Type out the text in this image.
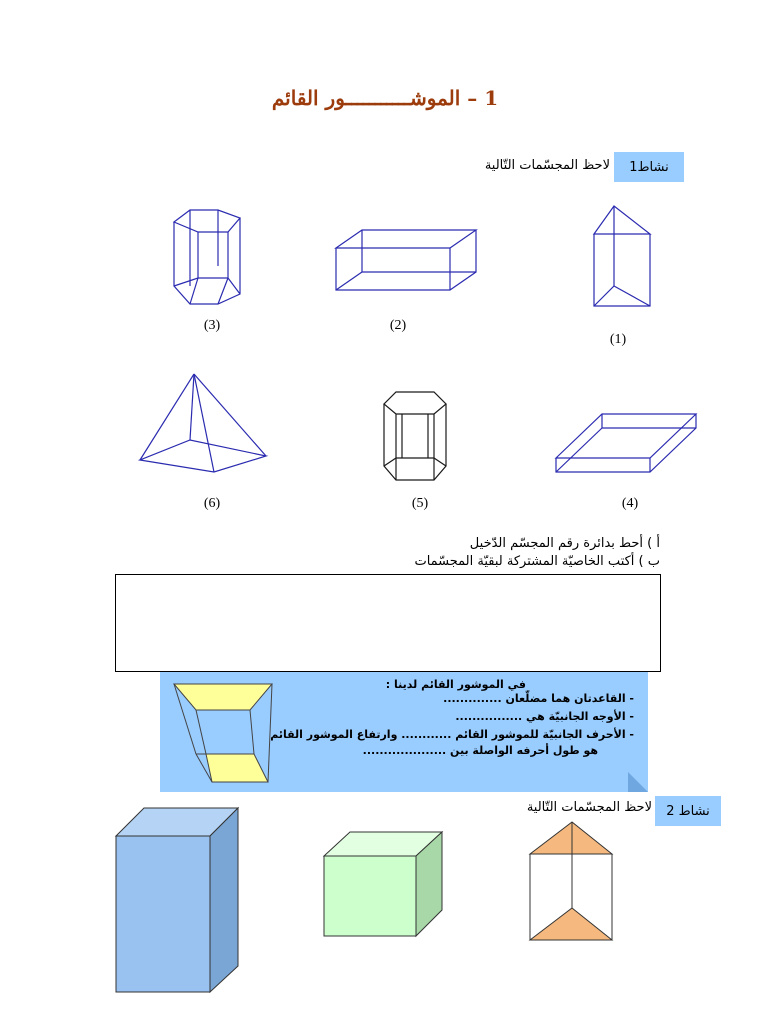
1 – الموشـــــــــــور القائم
نشاط1
لاحظ المجسّمات التّالية
(3)	(2)
(1)
(6)	(5)	(4)
أ ) أحط بدائرة رقم المجسّم الدّخيل
ب ) أكتب الخاصيّة المشتركة لبقيّة المجسّمات
في الموشور القائم لدينا :
- القاعدتان هما مضلّعان ..............
- الأوجه الجانبيّة هي ................
- الأحرف الجانبيّة للموشور القائم ............ وارتفاع الموشور القائم
هو طول أحرفه الواصلة بين ....................
نشاط 2
لاحظ المجسّمات التّالية
